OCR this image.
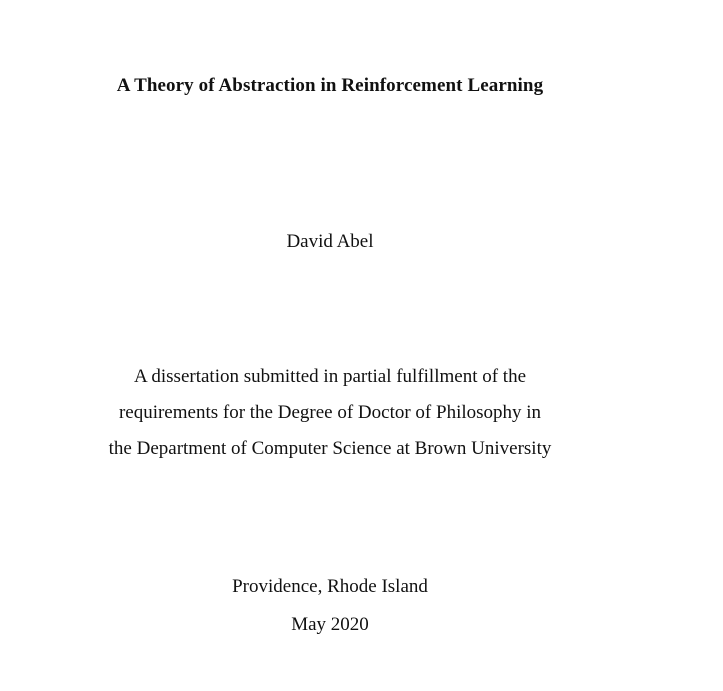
A Theory of Abstraction in Reinforcement Learning
David Abel
A dissertation submitted in partial fulfillment of the
requirements for the Degree of Doctor of Philosophy in
the Department of Computer Science at Brown University
Providence, Rhode Island
May 2020
